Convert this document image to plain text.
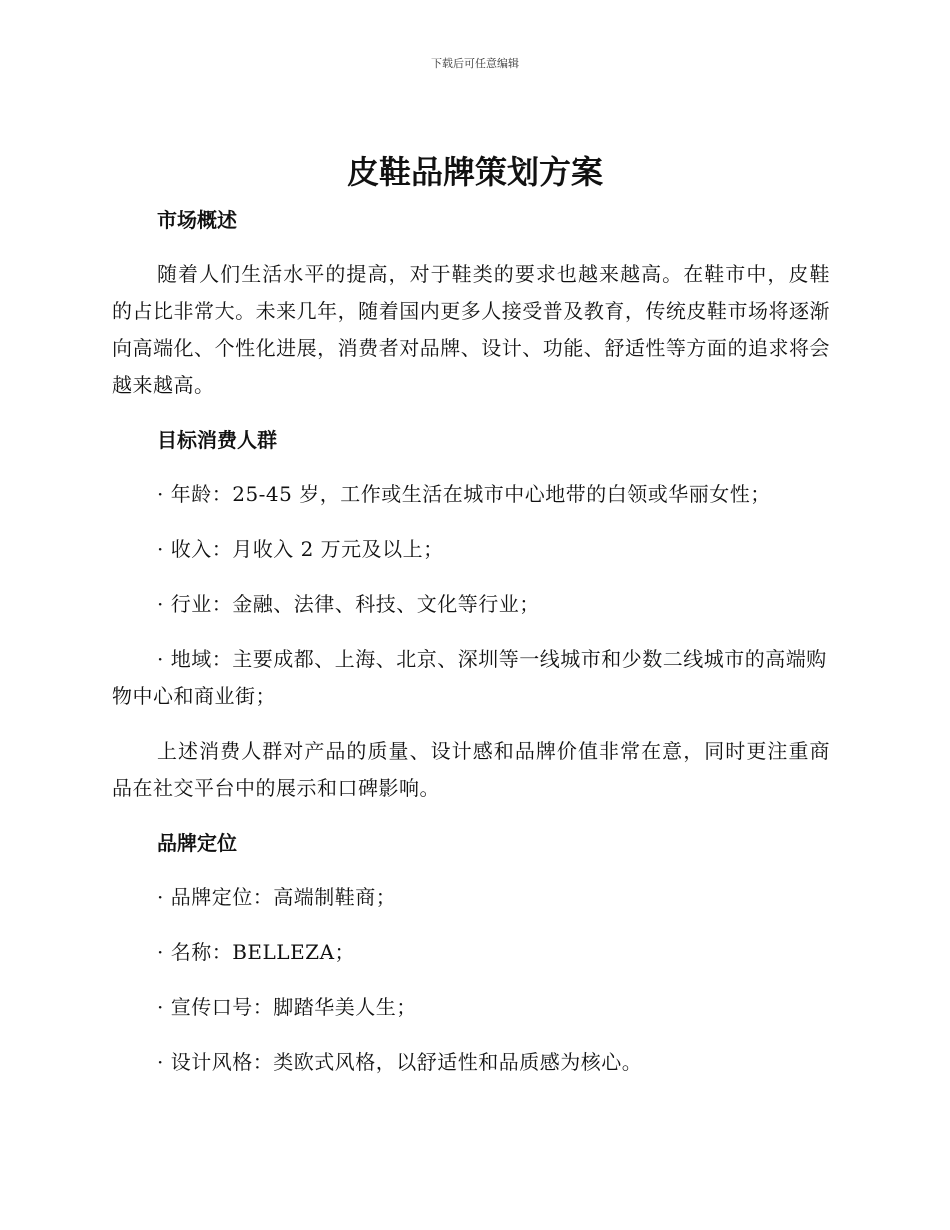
下载后可任意编辑
皮鞋品牌策划方案
市场概述

随着人们生活水平的提高，对于鞋类的要求也越来越高。在鞋市中，皮鞋的占比非常大。未来几年，随着国内更多人接受普及教育，传统皮鞋市场将逐渐向高端化、个性化进展，消费者对品牌、设计、功能、舒适性等方面的追求将会越来越高。

目标消费人群

· 年龄：25-45 岁，工作或生活在城市中心地带的白领或华丽女性；

· 收入：月收入 2 万元及以上；

· 行业：金融、法律、科技、文化等行业；

· 地域：主要成都、上海、北京、深圳等一线城市和少数二线城市的高端购物中心和商业街；

上述消费人群对产品的质量、设计感和品牌价值非常在意，同时更注重商品在社交平台中的展示和口碑影响。

品牌定位

· 品牌定位：高端制鞋商；

· 名称：BELLEZA；

· 宣传口号：脚踏华美人生；

· 设计风格：类欧式风格，以舒适性和品质感为核心。
